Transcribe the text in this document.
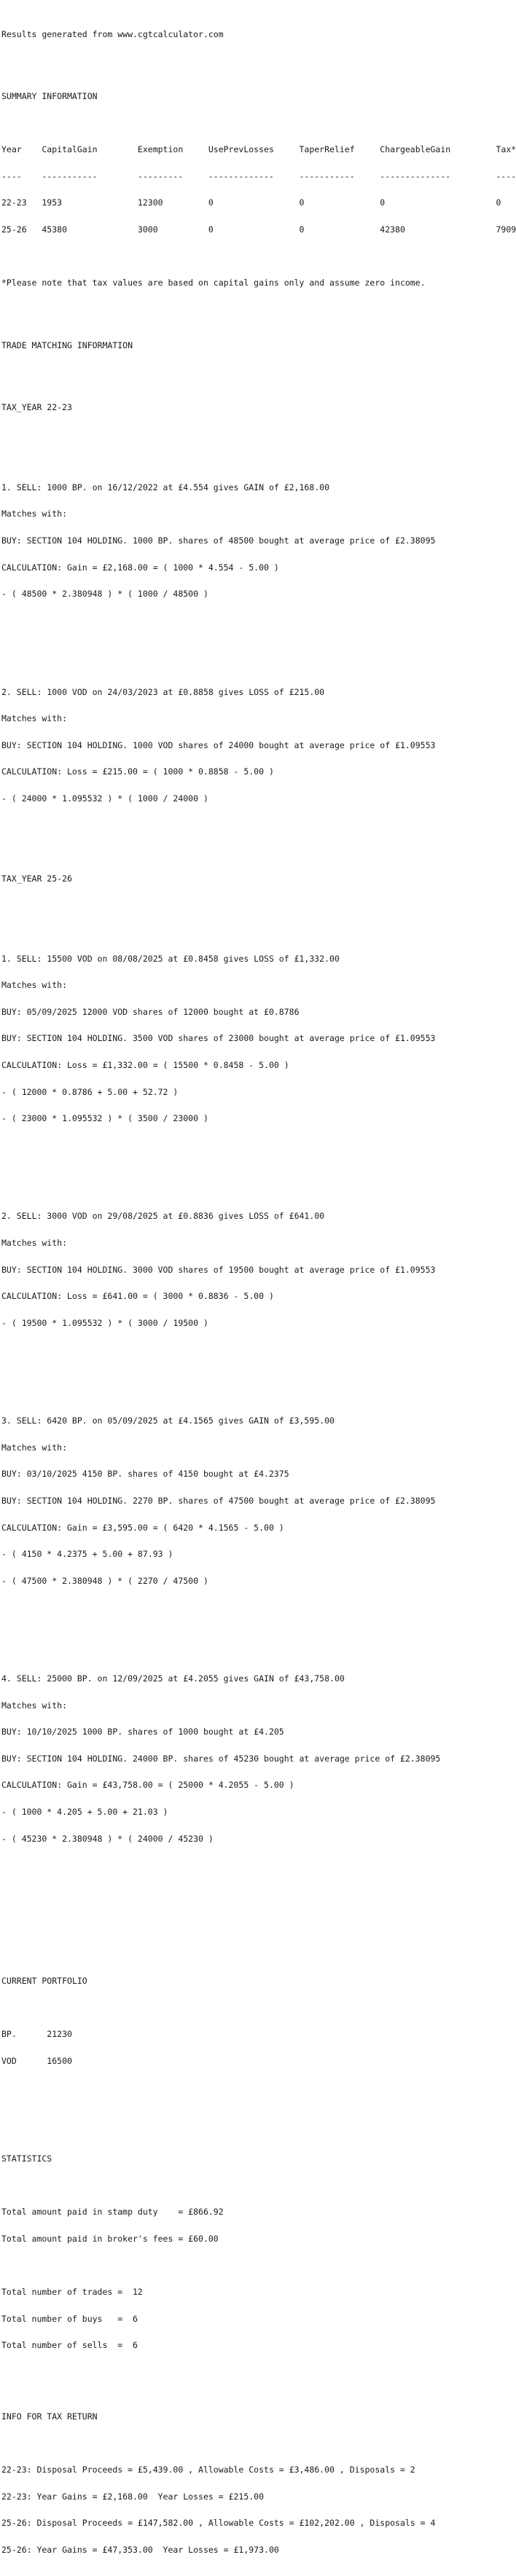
Results generated from www.cgtcalculator.com

SUMMARY INFORMATION

Year    CapitalGain        Exemption     UsePrevLosses     TaperRelief     ChargeableGain         Tax*

----    -----------        ---------     -------------     -----------     --------------         ----

22-23   1953               12300         0                 0               0                      0

25-26   45380              3000          0                 0               42380                  7909

*Please note that tax values are based on capital gains only and assume zero income.

TRADE MATCHING INFORMATION

TAX_YEAR 22-23

1. SELL: 1000 BP. on 16/12/2022 at £4.554 gives GAIN of £2,168.00

Matches with:

BUY: SECTION 104 HOLDING. 1000 BP. shares of 48500 bought at average price of £2.38095

CALCULATION: Gain = £2,168.00 = ( 1000 * 4.554 - 5.00 )

- ( 48500 * 2.380948 ) * ( 1000 / 48500 )

2. SELL: 1000 VOD on 24/03/2023 at £0.8858 gives LOSS of £215.00

Matches with:

BUY: SECTION 104 HOLDING. 1000 VOD shares of 24000 bought at average price of £1.09553

CALCULATION: Loss = £215.00 = ( 1000 * 0.8858 - 5.00 )

- ( 24000 * 1.095532 ) * ( 1000 / 24000 )

TAX_YEAR 25-26

1. SELL: 15500 VOD on 08/08/2025 at £0.8458 gives LOSS of £1,332.00

Matches with:

BUY: 05/09/2025 12000 VOD shares of 12000 bought at £0.8786

BUY: SECTION 104 HOLDING. 3500 VOD shares of 23000 bought at average price of £1.09553

CALCULATION: Loss = £1,332.00 = ( 15500 * 0.8458 - 5.00 )

- ( 12000 * 0.8786 + 5.00 + 52.72 )

- ( 23000 * 1.095532 ) * ( 3500 / 23000 )

2. SELL: 3000 VOD on 29/08/2025 at £0.8836 gives LOSS of £641.00

Matches with:

BUY: SECTION 104 HOLDING. 3000 VOD shares of 19500 bought at average price of £1.09553

CALCULATION: Loss = £641.00 = ( 3000 * 0.8836 - 5.00 )

- ( 19500 * 1.095532 ) * ( 3000 / 19500 )

3. SELL: 6420 BP. on 05/09/2025 at £4.1565 gives GAIN of £3,595.00

Matches with:

BUY: 03/10/2025 4150 BP. shares of 4150 bought at £4.2375

BUY: SECTION 104 HOLDING. 2270 BP. shares of 47500 bought at average price of £2.38095

CALCULATION: Gain = £3,595.00 = ( 6420 * 4.1565 - 5.00 )

- ( 4150 * 4.2375 + 5.00 + 87.93 )

- ( 47500 * 2.380948 ) * ( 2270 / 47500 )

4. SELL: 25000 BP. on 12/09/2025 at £4.2055 gives GAIN of £43,758.00

Matches with:

BUY: 10/10/2025 1000 BP. shares of 1000 bought at £4.205

BUY: SECTION 104 HOLDING. 24000 BP. shares of 45230 bought at average price of £2.38095

CALCULATION: Gain = £43,758.00 = ( 25000 * 4.2055 - 5.00 )

- ( 1000 * 4.205 + 5.00 + 21.03 )

- ( 45230 * 2.380948 ) * ( 24000 / 45230 )

CURRENT PORTFOLIO

BP.      21230

VOD      16500

STATISTICS

Total amount paid in stamp duty    = £866.92

Total amount paid in broker's fees = £60.00

Total number of trades =  12

Total number of buys   =  6

Total number of sells  =  6

INFO FOR TAX RETURN

22-23: Disposal Proceeds = £5,439.00 , Allowable Costs = £3,486.00 , Disposals = 2

22-23: Year Gains = £2,168.00  Year Losses = £215.00

25-26: Disposal Proceeds = £147,582.00 , Allowable Costs = £102,202.00 , Disposals = 4

25-26: Year Gains = £47,353.00  Year Losses = £1,973.00
